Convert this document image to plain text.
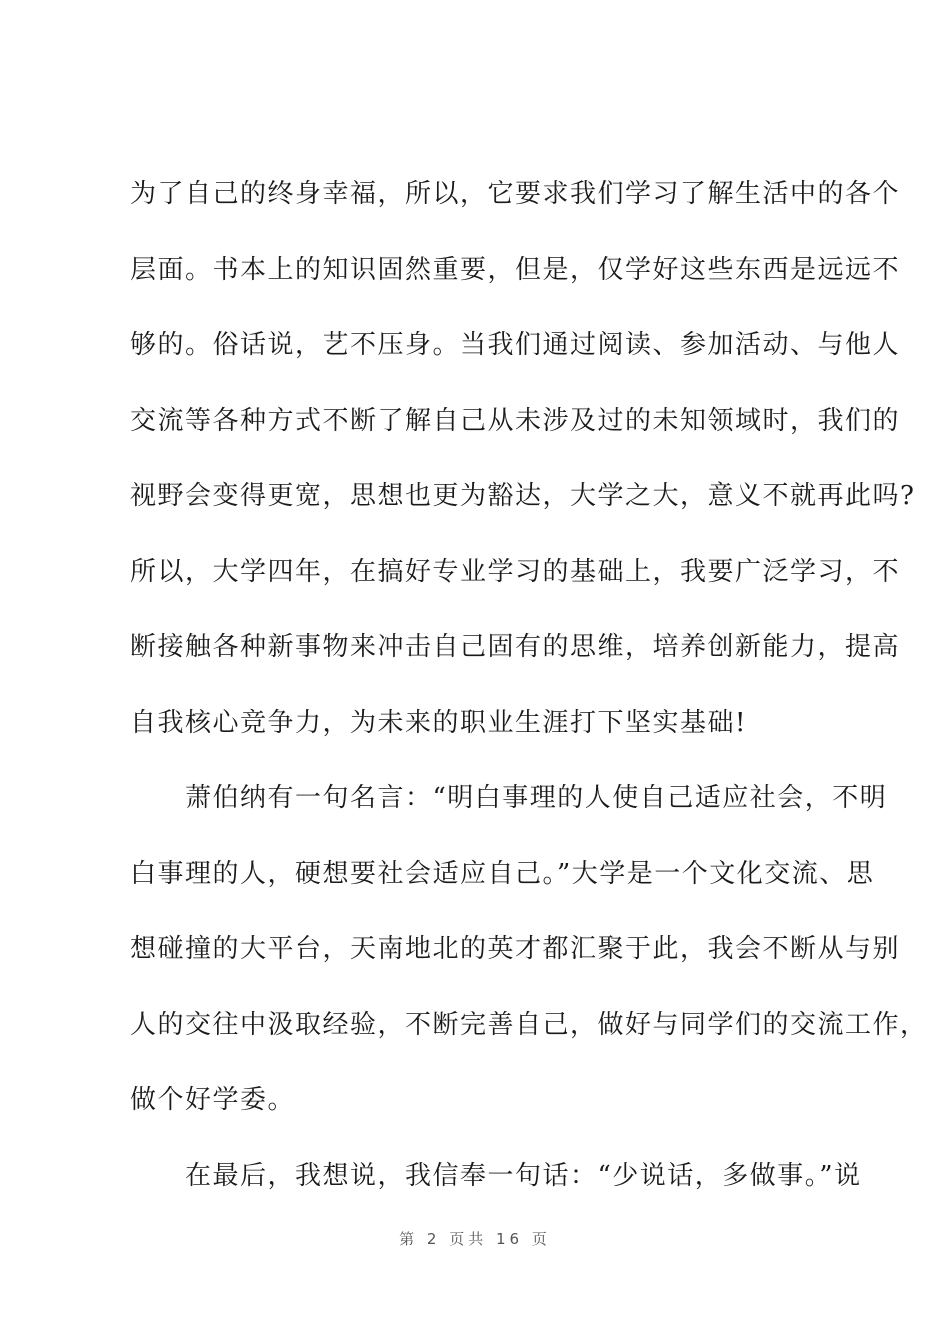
为了自己的终身幸福，所以，它要求我们学习了解生活中的各个
层面。书本上的知识固然重要，但是，仅学好这些东西是远远不
够的。俗话说，艺不压身。当我们通过阅读、参加活动、与他人
交流等各种方式不断了解自己从未涉及过的未知领域时，我们的
视野会变得更宽，思想也更为豁达，大学之大，意义不就再此吗?
所以，大学四年，在搞好专业学习的基础上，我要广泛学习，不
断接触各种新事物来冲击自己固有的思维，培养创新能力，提高
自我核心竞争力，为未来的职业生涯打下坚实基础!
　　萧伯纳有一句名言：“明白事理的人使自己适应社会，不明
白事理的人，硬想要社会适应自己。”大学是一个文化交流、思
想碰撞的大平台，天南地北的英才都汇聚于此，我会不断从与别
人的交往中汲取经验，不断完善自己，做好与同学们的交流工作，
做个好学委。
　　在最后，我想说，我信奉一句话：“少说话，多做事。”说
第 2 页共 16 页
